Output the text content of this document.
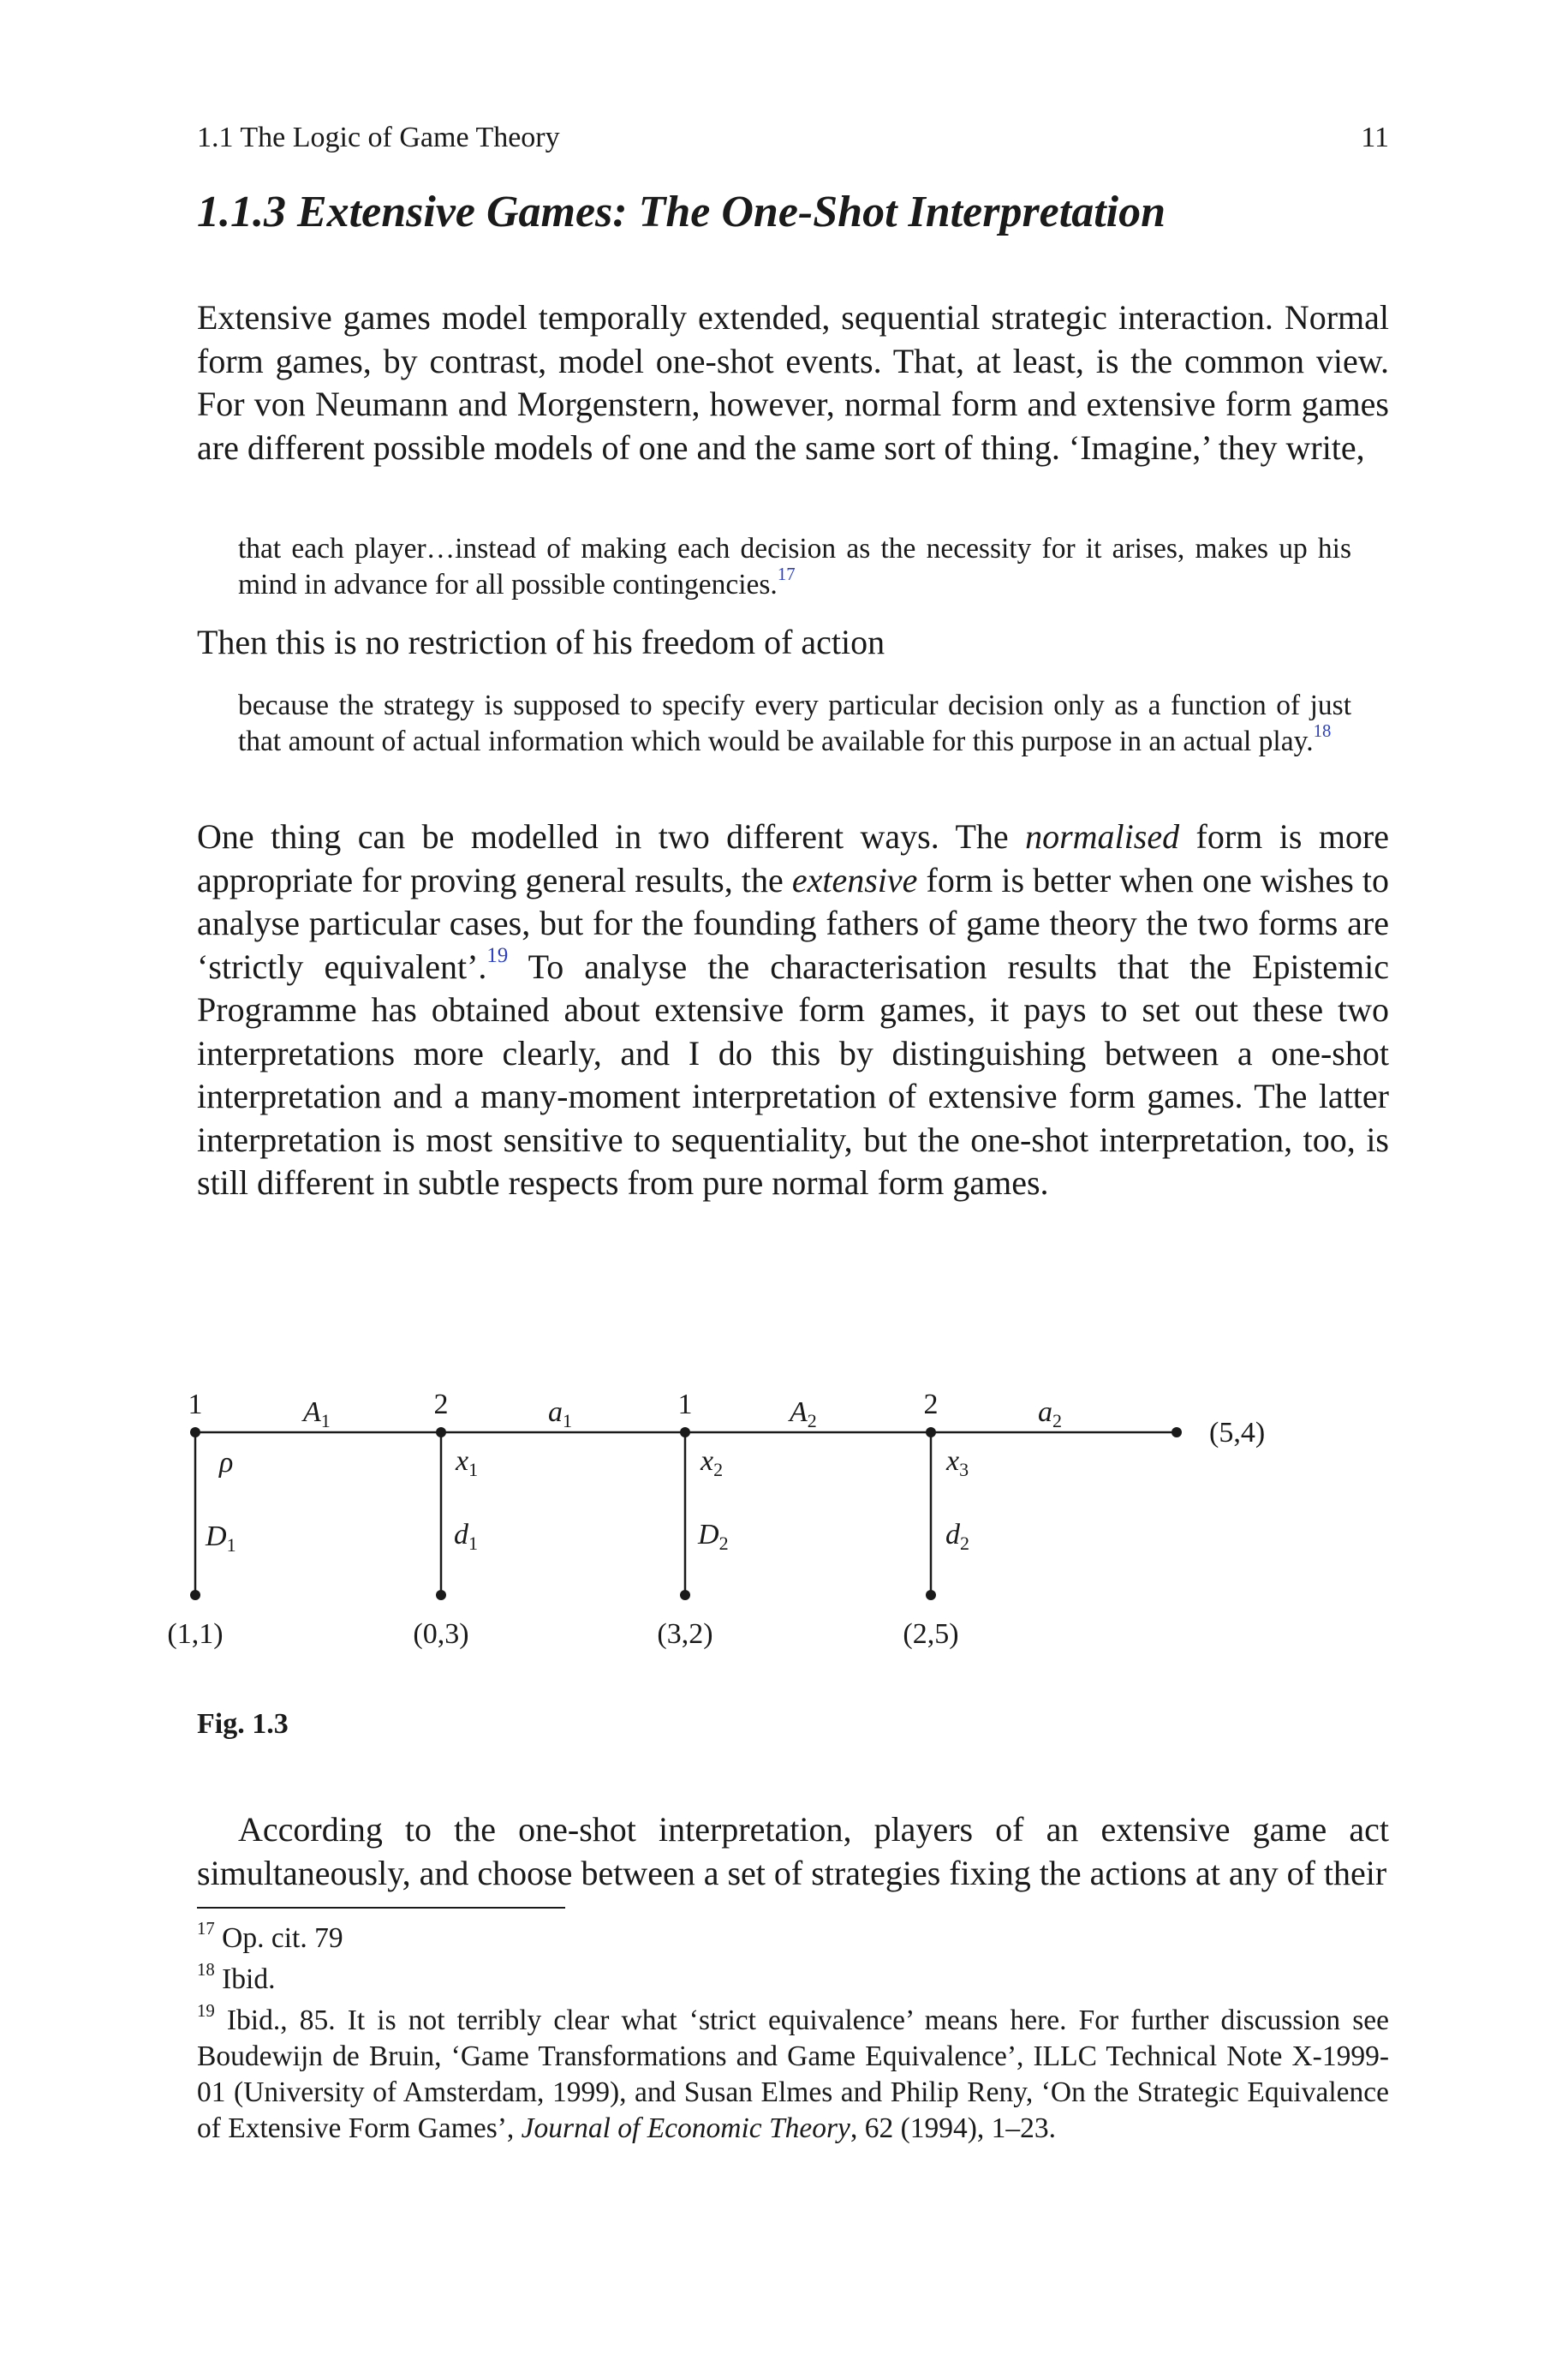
1.1 The Logic of Game Theory	11
1.1.3 Extensive Games: The One-Shot Interpretation

Extensive games model temporally extended, sequential strategic interaction. Normal form games, by contrast, model one-shot events. That, at least, is the common view. For von Neumann and Morgenstern, however, normal form and extensive form games are different possible models of one and the same sort of thing. ‘Imagine,’ they write,

that each player…instead of making each decision as the necessity for it arises, makes up his mind in advance for all possible contingencies.$^{17}$

Then this is no restriction of his freedom of action

because the strategy is supposed to specify every particular decision only as a function of just that amount of actual information which would be available for this purpose in an actual play.$^{18}$

One thing can be modelled in two different ways. The normalised form is more appropriate for proving general results, the extensive form is better when one wishes to analyse particular cases, but for the founding fathers of game theory the two forms are ‘strictly equivalent’.$^{19}$ To analyse the characterisation results that the Epistemic Programme has obtained about extensive form games, it pays to set out these two interpretations more clearly, and I do this by distinguishing between a one-shot interpretation and a many-moment interpretation of extensive form games. The latter interpretation is most sensitive to sequentiality, but the one-shot interpretation, too, is still different in subtle respects from pure normal form games.

1
ρ
$D_1$
$A_1$
(1,1)
2
$x_1$
$d_1$
$a_1$
(0,3)
1
$x_2$
$D_2$
$A_2$
(3,2)
2
$x_3$
$d_2$
$a_2$
(2,5)
(5,4)
Fig. 1.3

According to the one-shot interpretation, players of an extensive game act simultaneously, and choose between a set of strategies fixing the actions at any of their

$^{17}$ Op. cit. 79

$^{18}$ Ibid.

$^{19}$ Ibid., 85. It is not terribly clear what ‘strict equivalence’ means here. For further discussion see Boudewijn de Bruin, ‘Game Transformations and Game Equivalence’, ILLC Technical Note X-1999-01 (University of Amsterdam, 1999), and Susan Elmes and Philip Reny, ‘On the Strategic Equivalence of Extensive Form Games’, Journal of Economic Theory, 62 (1994), 1–23.
